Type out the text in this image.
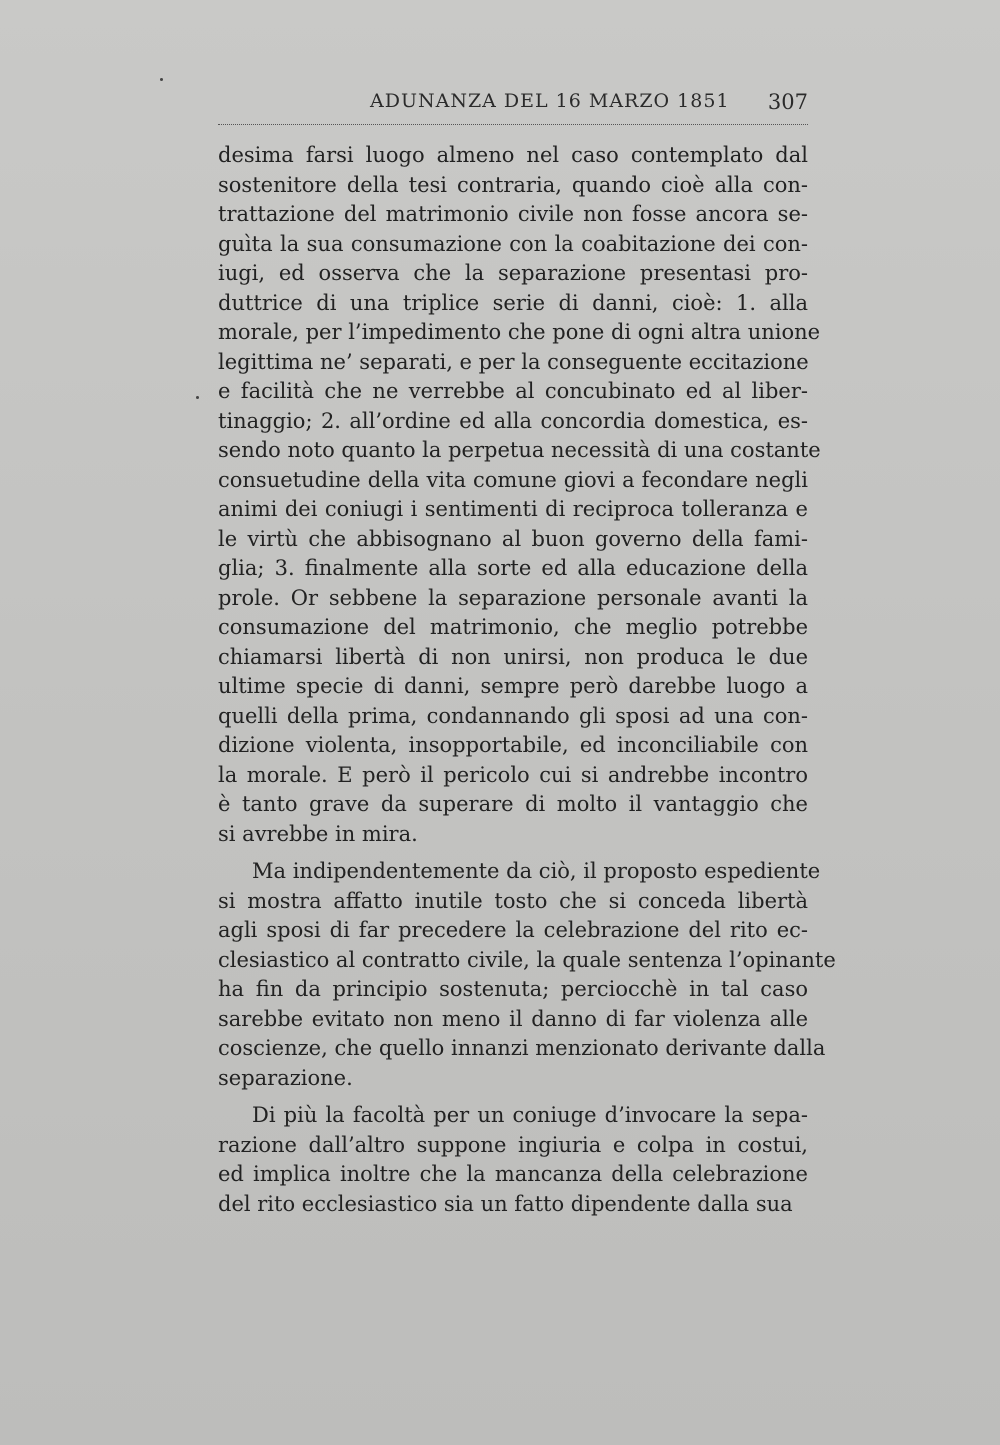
ADUNANZA DEL 16 MARZO 1851 307
desima farsi luogo almeno nel caso contemplato dal
sostenitore della tesi contraria, quando cioè alla con-
trattazione del matrimonio civile non fosse ancora se-
guìta la sua consumazione con la coabitazione dei con-
iugi, ed osserva che la separazione presentasi pro-
duttrice di una triplice serie di danni, cioè: 1. alla
morale, per l’impedimento che pone di ogni altra unione
legittima ne’ separati, e per la conseguente eccitazione
e facilità che ne verrebbe al concubinato ed al liber-
tinaggio; 2. all’ordine ed alla concordia domestica, es-
sendo noto quanto la perpetua necessità di una costante
consuetudine della vita comune giovi a fecondare negli
animi dei coniugi i sentimenti di reciproca tolleranza e
le virtù che abbisognano al buon governo della fami-
glia; 3. finalmente alla sorte ed alla educazione della
prole. Or sebbene la separazione personale avanti la
consumazione del matrimonio, che meglio potrebbe
chiamarsi libertà di non unirsi, non produca le due
ultime specie di danni, sempre però darebbe luogo a
quelli della prima, condannando gli sposi ad una con-
dizione violenta, insopportabile, ed inconciliabile con
la morale. E però il pericolo cui si andrebbe incontro
è tanto grave da superare di molto il vantaggio che
si avrebbe in mira.
Ma indipendentemente da ciò, il proposto espediente
si mostra affatto inutile tosto che si conceda libertà
agli sposi di far precedere la celebrazione del rito ec-
clesiastico al contratto civile, la quale sentenza l’opinante
ha fin da principio sostenuta; perciocchè in tal caso
sarebbe evitato non meno il danno di far violenza alle
coscienze, che quello innanzi menzionato derivante dalla
separazione.
Di più la facoltà per un coniuge d’invocare la sepa-
razione dall’altro suppone ingiuria e colpa in costui,
ed implica inoltre che la mancanza della celebrazione
del rito ecclesiastico sia un fatto dipendente dalla sua
